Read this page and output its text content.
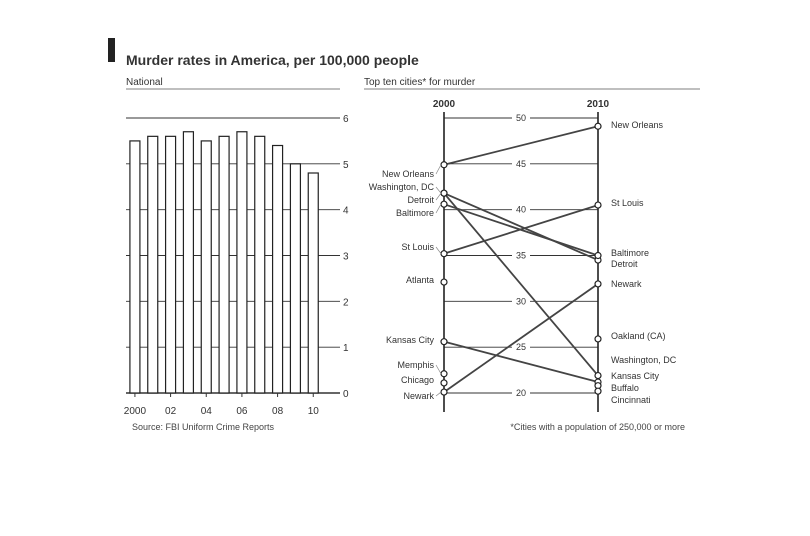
Murder rates in America, per 100,000 people
National
0
1
2
3
4
5
6
2000 02 04 06 08 10
Source: FBI Uniform Crime Reports
Top ten cities* for murder
2000	2010
20
25
30
35
40
45
50
New Orleans
Washington, DC
Detroit
Baltimore
St Louis
Atlanta
Kansas City
Memphis
Chicago
Newark
New Orleans
St Louis
Baltimore
Detroit
Newark
Oakland (CA)
Washington, DC
Kansas City
Buffalo
Cincinnati
*Cities with a population of 250,000 or more
